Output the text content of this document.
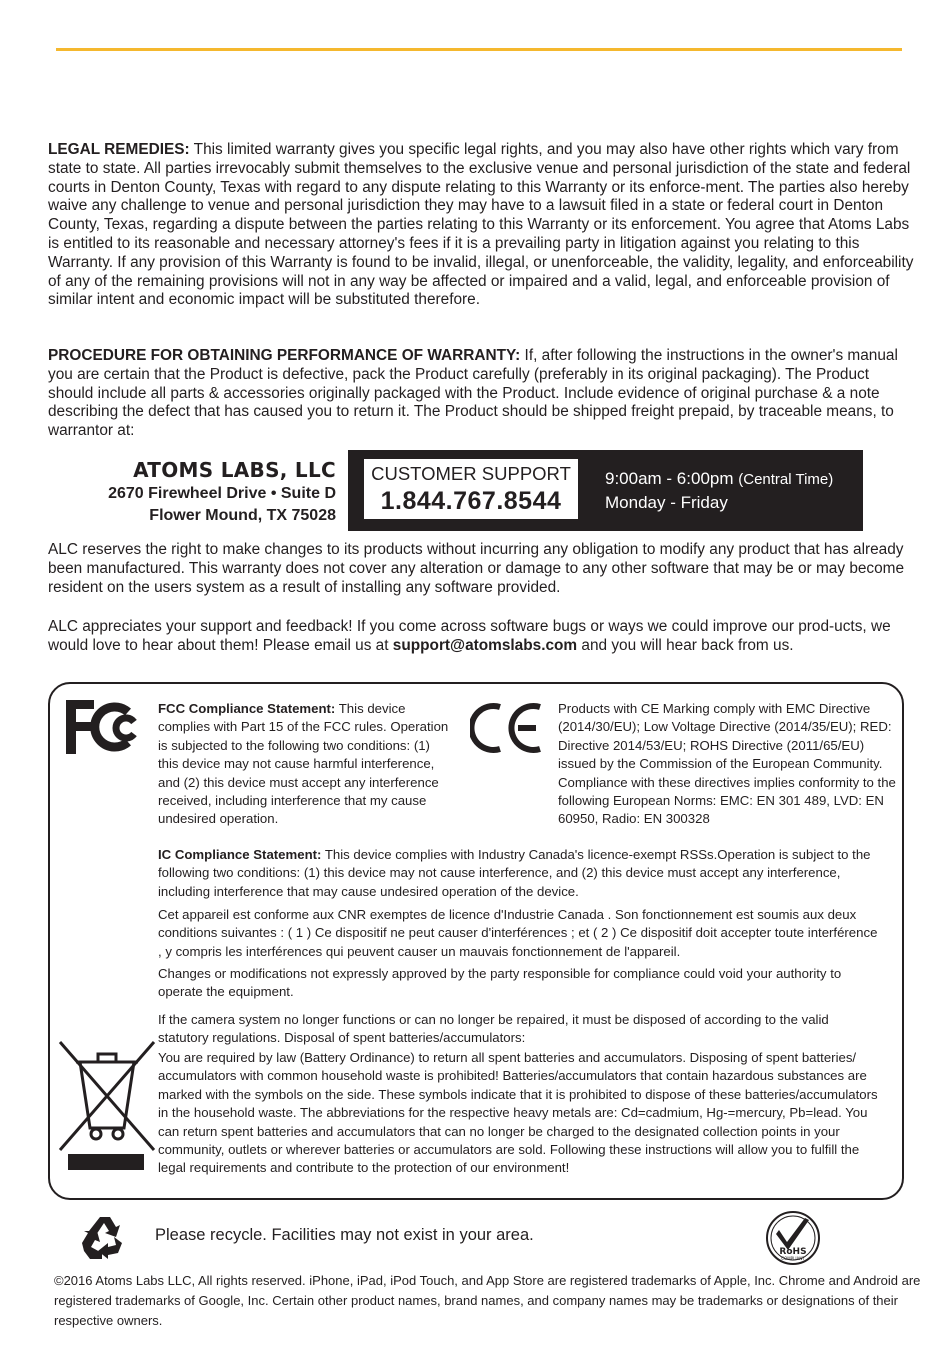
LEGAL REMEDIES: This limited warranty gives you specific legal rights, and you may also have other rights which vary from state to state. All parties irrevocably submit themselves to the exclusive venue and personal jurisdiction of the state and federal courts in Denton County, Texas with regard to any dispute relating to this Warranty or its enforce-ment. The parties also hereby waive any challenge to venue and personal jurisdiction they may have to a lawsuit filed in a state or federal court in Denton County, Texas, regarding a dispute between the parties relating to this Warranty or its enforcement. You agree that Atoms Labs is entitled to its reasonable and necessary attorney's fees if it is a prevailing party in litigation against you relating to this Warranty. If any provision of this Warranty is found to be invalid, illegal, or unenforceable, the validity, legality, and enforceability of any of the remaining provisions will not in any way be affected or impaired and a valid, legal, and enforceable provision of similar intent and economic impact will be substituted therefore.

PROCEDURE FOR OBTAINING PERFORMANCE OF WARRANTY: If, after following the instructions in the owner's manual you are certain that the Product is defective, pack the Product carefully (preferably in its original packaging). The Product should include all parts & accessories originally packaged with the Product. Include evidence of original purchase & a note describing the defect that has caused you to return it. The Product should be shipped freight prepaid, by traceable means, to warrantor at:

ATOMS LABS, LLC
2670 Firewheel Drive • Suite D
Flower Mound, TX 75028
CUSTOMER SUPPORT
1.844.767.8544
9:00am - 6:00pm (Central Time)
Monday - Friday

ALC reserves the right to make changes to its products without incurring any obligation to modify any product that has already been manufactured. This warranty does not cover any alteration or damage to any other software that may be or may become resident on the users system as a result of installing any software provided.

ALC appreciates your support and feedback! If you come across software bugs or ways we could improve our prod-ucts, we would love to hear about them! Please email us at support@atomslabs.com and you will hear back from us.

FCC Compliance Statement: This device complies with Part 15 of the FCC rules. Operation is subjected to the following two conditions: (1) this device may not cause harmful interference, and (2) this device must accept any interference received, including interference that my cause undesired operation.

Products with CE Marking comply with EMC Directive (2014/30/EU); Low Voltage Directive (2014/35/EU); RED: Directive 2014/53/EU; ROHS Directive (2011/65/EU) issued by the Commission of the European Community. Compliance with these directives implies conformity to the following European Norms: EMC: EN 301 489, LVD: EN 60950, Radio: EN 300328

IC Compliance Statement: This device complies with Industry Canada's licence-exempt RSSs.Operation is subject to the following two conditions: (1) this device may not cause interference, and (2) this device must accept any interference, including interference that may cause undesired operation of the device.

Cet appareil est conforme aux CNR exemptes de licence d'Industrie Canada . Son fonctionnement est soumis aux deux conditions suivantes : ( 1 ) Ce dispositif ne peut causer d'interférences ; et ( 2 ) Ce dispositif doit accepter toute interférence , y compris les interférences qui peuvent causer un mauvais fonctionnement de l'appareil.

Changes or modifications not expressly approved by the party responsible for compliance could void your authority to operate the equipment.

If the camera system no longer functions or can no longer be repaired, it must be disposed of according to the valid statutory regulations. Disposal of spent batteries/accumulators:

You are required by law (Battery Ordinance) to return all spent batteries and accumulators. Disposing of spent batteries/ accumulators with common household waste is prohibited! Batteries/accumulators that contain hazardous substances are marked with the symbols on the side. These symbols indicate that it is prohibited to dispose of these batteries/accumulators in the household waste. The abbreviations for the respective heavy metals are: Cd=cadmium, Hg-=mercury, Pb=lead. You can return spent batteries and accumulators that can no longer be charged to the designated collection points in your community, outlets or wherever batteries or accumulators are sold. Following these instructions will allow you to fulfill the legal requirements and contribute to the protection of our environment!

Please recycle. Facilities may not exist in your area.
RoHS
COMPLIANT

©2016 Atoms Labs LLC, All rights reserved. iPhone, iPad, iPod Touch, and App Store are registered trademarks of Apple, Inc. Chrome and Android are registered trademarks of Google, Inc. Certain other product names, brand names, and company names may be trademarks or designations of their respective owners.
